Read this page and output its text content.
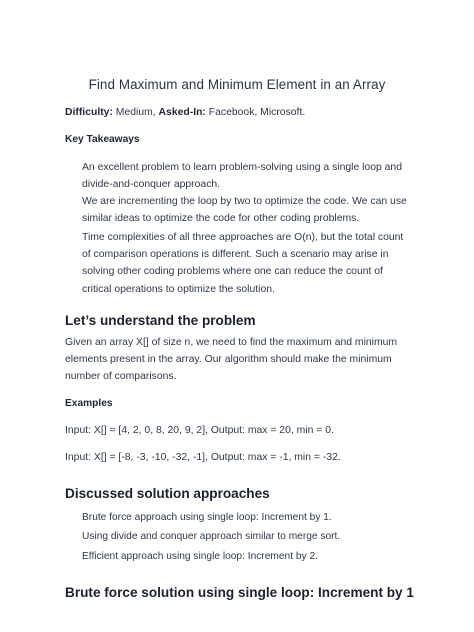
Find Maximum and Minimum Element in an Array
Difficulty: Medium, Asked-In: Facebook, Microsoft.
Key Takeaways

An excellent problem to learn problem-solving using a single loop and divide-and-conquer approach.

We are incrementing the loop by two to optimize the code. We can use similar ideas to optimize the code for other coding problems.

Time complexities of all three approaches are O(n), but the total count of comparison operations is different. Such a scenario may arise in solving other coding problems where one can reduce the count of critical operations to optimize the solution.

Let’s understand the problem

Given an array X[] of size n, we need to find the maximum and minimum elements present in the array. Our algorithm should make the minimum number of comparisons.

Examples
Input: X[] = [4, 2, 0, 8, 20, 9, 2], Output: max = 20, min = 0.
Input: X[] = [-8, -3, -10, -32, -1], Output: max = -1, min = -32.
Discussed solution approaches
Brute force approach using single loop: Increment by 1.
Using divide and conquer approach similar to merge sort.
Efficient approach using single loop: Increment by 2.
Brute force solution using single loop: Increment by 1
